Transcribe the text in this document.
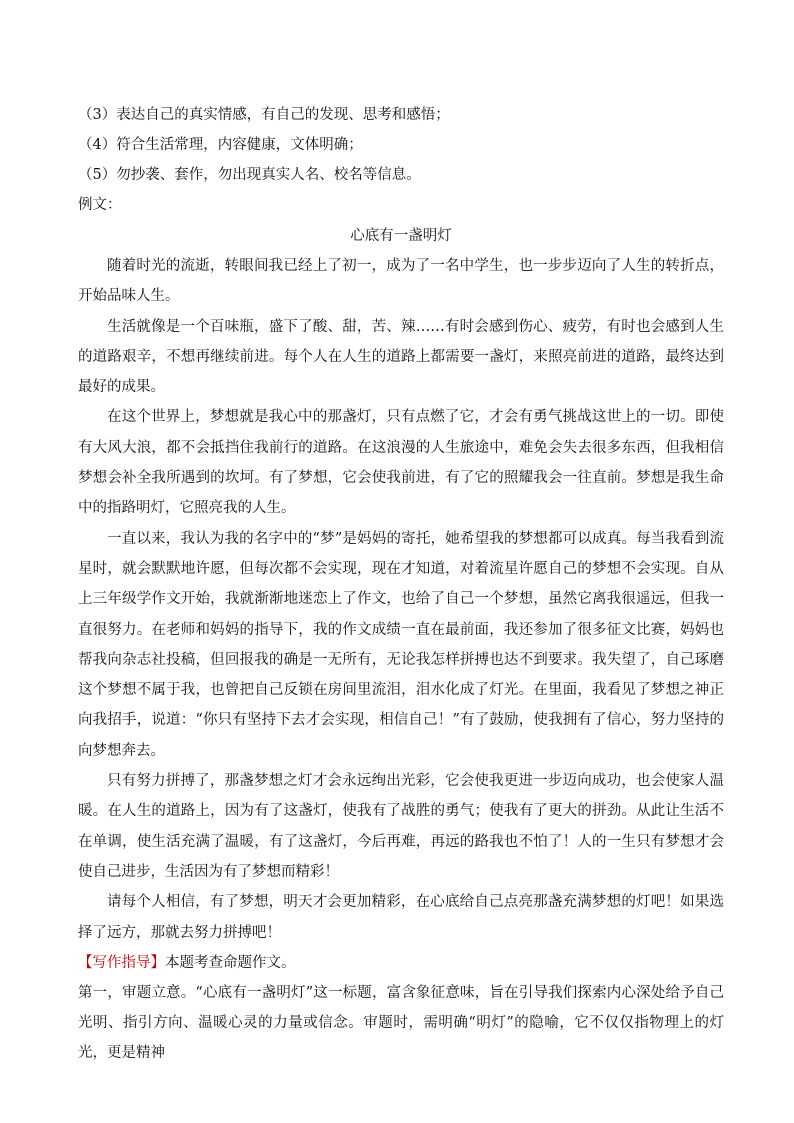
（3）表达自己的真实情感，有自己的发现、思考和感悟；

（4）符合生活常理，内容健康，文体明确；

（5）勿抄袭、套作，勿出现真实人名、校名等信息。

例文：

心底有一盏明灯

随着时光的流逝，转眼间我已经上了初一，成为了一名中学生，也一步步迈向了人生的转折点，开始品味人生。

生活就像是一个百味瓶，盛下了酸、甜，苦、辣……有时会感到伤心、疲劳，有时也会感到人生的道路艰辛，不想再继续前进。每个人在人生的道路上都需要一盏灯，来照亮前进的道路，最终达到最好的成果。

在这个世界上，梦想就是我心中的那盏灯，只有点燃了它，才会有勇气挑战这世上的一切。即使有大风大浪，都不会抵挡住我前行的道路。在这浪漫的人生旅途中，难免会失去很多东西，但我相信梦想会补全我所遇到的坎坷。有了梦想，它会使我前进，有了它的照耀我会一往直前。梦想是我生命中的指路明灯，它照亮我的人生。

一直以来，我认为我的名字中的“梦”是妈妈的寄托，她希望我的梦想都可以成真。每当我看到流星时，就会默默地许愿，但每次都不会实现，现在才知道，对着流星许愿自己的梦想不会实现。自从上三年级学作文开始，我就渐渐地迷恋上了作文，也给了自己一个梦想，虽然它离我很遥远，但我一直很努力。在老师和妈妈的指导下，我的作文成绩一直在最前面，我还参加了很多征文比赛，妈妈也帮我向杂志社投稿，但回报我的确是一无所有，无论我怎样拼搏也达不到要求。我失望了，自己琢磨这个梦想不属于我，也曾把自己反锁在房间里流泪，泪水化成了灯光。在里面，我看见了梦想之神正向我招手，说道：“你只有坚持下去才会实现，相信自己！”有了鼓励，使我拥有了信心，努力坚持的向梦想奔去。

只有努力拼搏了，那盏梦想之灯才会永远绚出光彩，它会使我更进一步迈向成功，也会使家人温暖。在人生的道路上，因为有了这盏灯，使我有了战胜的勇气；使我有了更大的拼劲。从此让生活不在单调，使生活充满了温暖，有了这盏灯，今后再难，再远的路我也不怕了！人的一生只有梦想才会使自己进步，生活因为有了梦想而精彩！

请每个人相信，有了梦想，明天才会更加精彩，在心底给自己点亮那盏充满梦想的灯吧！如果选择了远方，那就去努力拼搏吧！

【写作指导】本题考查命题作文。

第一，审题立意。“心底有一盏明灯”这一标题，富含象征意味，旨在引导我们探索内心深处给予自己光明、指引方向、温暖心灵的力量或信念。审题时，需明确“明灯”的隐喻，它不仅仅指物理上的灯光，更是精神
